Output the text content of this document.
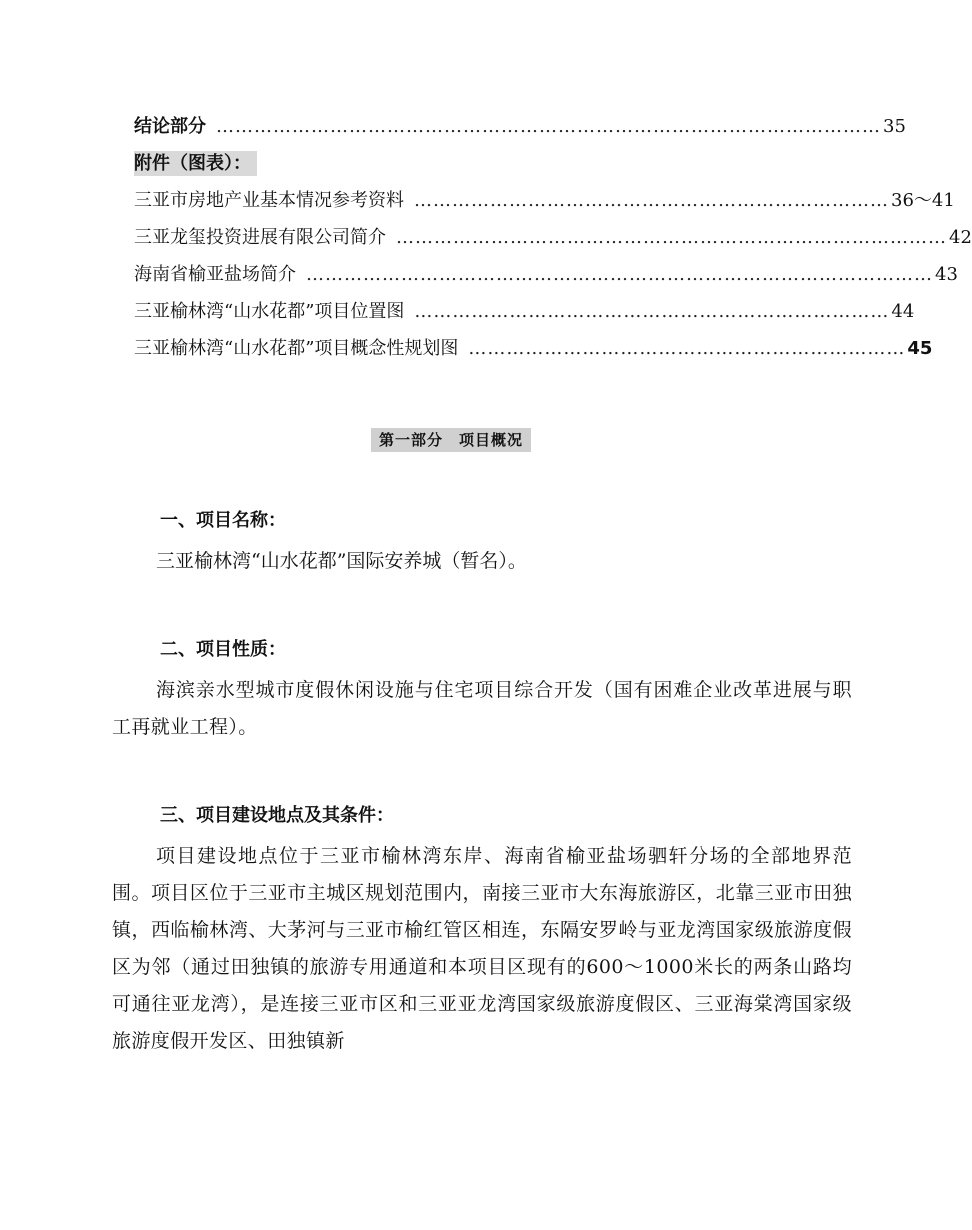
结论部分 …………………………………………………………………………………………… 35
附件（图表）：
三亚市房地产业基本情况参考资料 ………………………………………………………………… 36～41
三亚龙玺投资进展有限公司简介 …………………………………………………………………………… 42
海南省榆亚盐场简介 ……………………………………………………………………………………… 43
三亚榆林湾“山水花都”项目位置图 ………………………………………………………………… 44
三亚榆林湾“山水花都”项目概念性规划图 …………………………………………………………… 45
第一部分　项目概况
一、项目名称：
三亚榆林湾“山水花都”国际安养城（暂名）。
二、项目性质：
海滨亲水型城市度假休闲设施与住宅项目综合开发（国有困难企业改革进展与职工再就业工程）。
三、项目建设地点及其条件：
项目建设地点位于三亚市榆林湾东岸、海南省榆亚盐场驷轩分场的全部地界范围。项目区位于三亚市主城区规划范围内，南接三亚市大东海旅游区，北靠三亚市田独镇，西临榆林湾、大茅河与三亚市榆红管区相连，东隔安罗岭与亚龙湾国家级旅游度假区为邻（通过田独镇的旅游专用通道和本项目区现有的600～1000米长的两条山路均可通往亚龙湾），是连接三亚市区和三亚亚龙湾国家级旅游度假区、三亚海棠湾国家级旅游度假开发区、田独镇新
